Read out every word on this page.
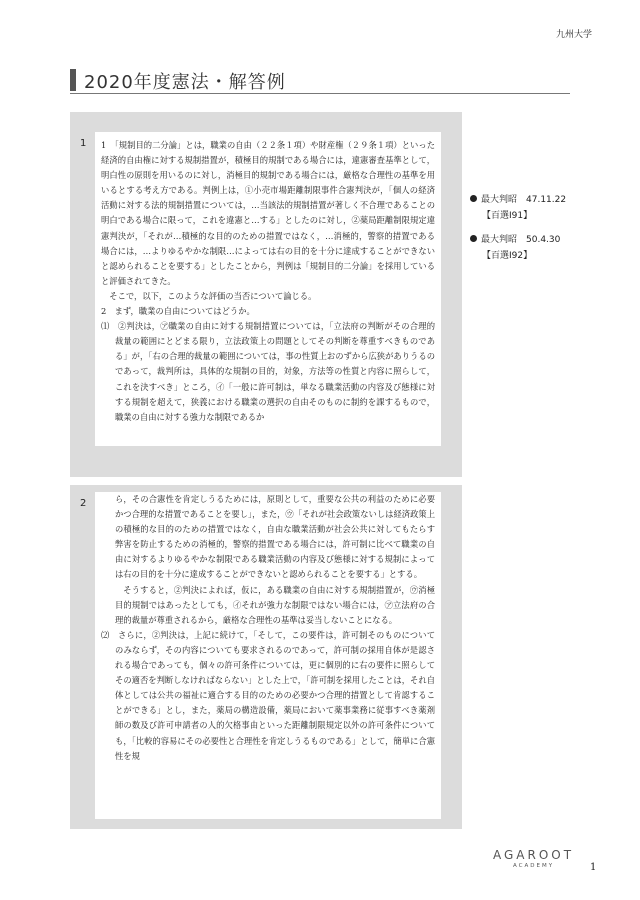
九州大学
2020年度憲法・解答例
1 1　「規制目的二分論」とは，職業の自由（２２条１項）や財産権（２９条１項）といった経済的自由権に対する規制措置が，積極目的規制である場合には，違憲審査基準として，明白性の原則を用いるのに対し，消極目的規制である場合には，厳格な合理性の基準を用いるとする考え方である。判例上は，①小売市場距離制限事件合憲判決が，「個人の経済活動に対する法的規制措置については，…当該法的規制措置が著しく不合理であることの明白である場合に限って，これを違憲と…する」としたのに対し，②薬局距離制限規定違憲判決が，「それが…積極的な目的のための措置ではなく，…消極的，警察的措置である場合には，…よりゆるやかな制限…によっては右の目的を十分に達成することができないと認められることを要する」としたことから，判例は「規制目的二分論」を採用していると評価されてきた。
そこで，以下，このような評価の当否について論じる。
2　まず，職業の自由についてはどうか。
⑴　②判決は，㋐職業の自由に対する規制措置については，「立法府の判断がその合理的裁量の範囲にとどまる限り，立法政策上の問題としてその判断を尊重すべきものである」が，「右の合理的裁量の範囲については，事の性質上おのずから広狭がありうるのであって，裁判所は，具体的な規制の目的，対象，方法等の性質と内容に照らして，これを決すべき」ところ，㋑「一般に許可制は，単なる職業活動の内容及び態様に対する規制を超えて，狭義における職業の選択の自由そのものに制約を課するもので，職業の自由に対する強力な制限であるか
2	ら，その合憲性を肯定しうるためには，原則として，重要な公共の利益のために必要かつ合理的な措置であることを要し」，また，㋒「それが社会政策ないしは経済政策上の積極的な目的のための措置ではなく，自由な職業活動が社会公共に対してもたらす弊害を防止するための消極的，警察的措置である場合には，許可制に比べて職業の自由に対するよりゆるやかな制限である職業活動の内容及び態様に対する規制によっては右の目的を十分に達成することができないと認められることを要する」とする。
そうすると，②判決によれば，仮に，ある職業の自由に対する規制措置が，㋒消極目的規制ではあったとしても，㋑それが強力な制限ではない場合には，㋐立法府の合理的裁量が尊重されるから，厳格な合理性の基準は妥当しないことになる。
⑵　さらに，②判決は，上記に続けて，「そして，この要件は，許可制そのものについてのみならず，その内容についても要求されるのであって，許可制の採用自体が是認される場合であっても，個々の許可条件については，更に個別的に右の要件に照らしてその適否を判断しなければならない」とした上で，「許可制を採用したことは，それ自体としては公共の福祉に適合する目的のための必要かつ合理的措置として肯認することができる」とし，また，薬局の構造設備，薬局において薬事業務に従事すべき薬剤師の数及び許可申請者の人的欠格事由といった距離制限規定以外の許可条件についても，「比較的容易にその必要性と合理性を肯定しうるものである」として，簡単に合憲性を規
最大判昭　47.11.22
【百選Ⅰ91】
最大判昭　50.4.30
【百選Ⅰ92】
AGAROOT
ACADEMY	1
